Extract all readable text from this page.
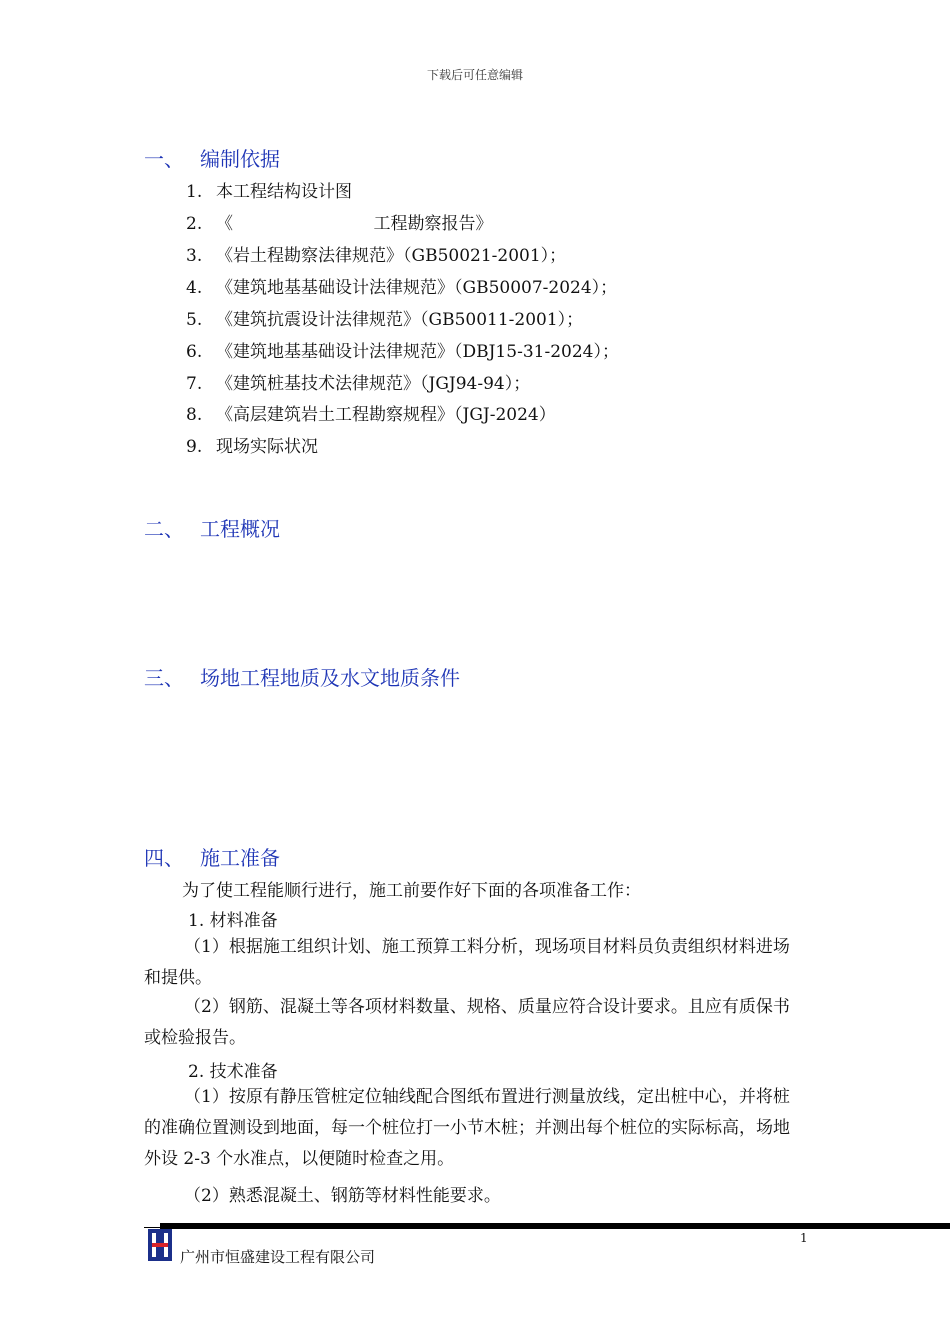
下载后可任意编辑
一、 编制依据
1. 本工程结构设计图
2. 《                          工程勘察报告》
3. 《岩土程勘察法律规范》（GB50021-2001）；
4. 《建筑地基基础设计法律规范》（GB50007-2024）；
5. 《建筑抗震设计法律规范》（GB50011-2001）；
6. 《建筑地基基础设计法律规范》（DBJ15-31-2024）；
7. 《建筑桩基技术法律规范》（JGJ94-94）；
8. 《高层建筑岩土工程勘察规程》（JGJ-2024）
9. 现场实际状况
二、 工程概况
三、 场地工程地质及水文地质条件
四、 施工准备
为了使工程能顺行进行，施工前要作好下面的各项准备工作：
1. 材料准备
（1）根据施工组织计划、施工预算工料分析，现场项目材料员负责组织材料进场和提供。
（2）钢筋、混凝土等各项材料数量、规格、质量应符合设计要求。且应有质保书或检验报告。
2. 技术准备
（1）按原有静压管桩定位轴线配合图纸布置进行测量放线，定出桩中心，并将桩的准确位置测设到地面，每一个桩位打一小节木桩；并测出每个桩位的实际标高，场地外设 2-3 个水准点，以便随时检查之用。
（2）熟悉混凝土、钢筋等材料性能要求。
广州市恒盛建设工程有限公司
1
